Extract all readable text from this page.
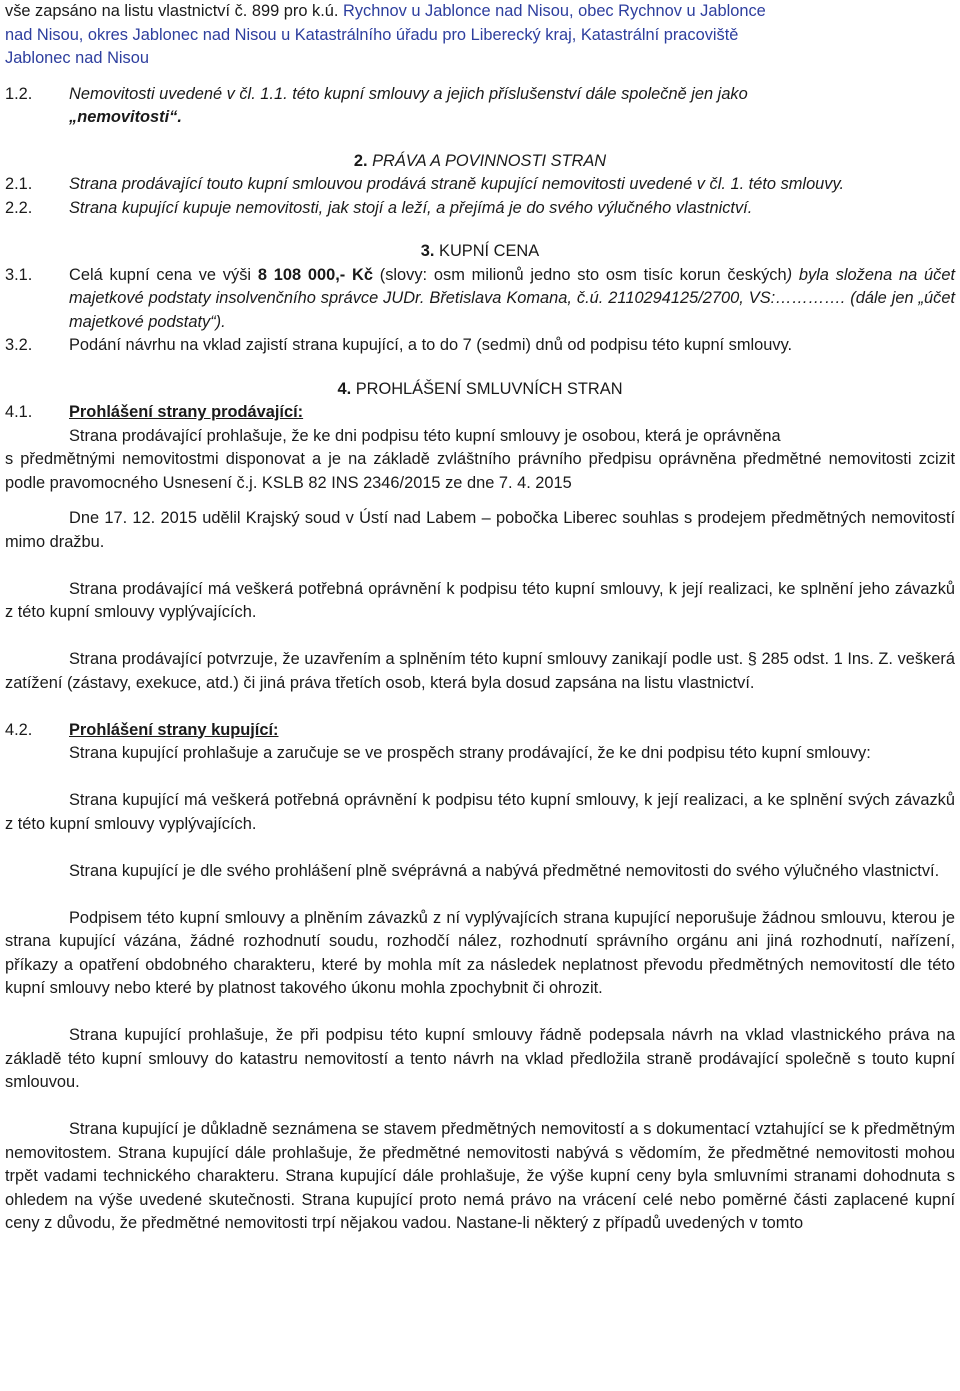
vše zapsáno na listu vlastnictví č. 899 pro k.ú. Rychnov u Jablonce nad Nisou, obec Rychnov u Jablonce
nad Nisou, okres Jablonec nad Nisou u Katastrálního úřadu pro Liberecký kraj, Katastrální pracoviště
Jablonec nad Nisou

1.2.	Nemovitosti uvedené v čl. 1.1. této kupní smlouvy a jejich příslušenství dále společně jen jako
„nemovitosti“.

2. PRÁVA A POVINNOSTI STRAN

2.1.	Strana prodávající touto kupní smlouvou prodává straně kupující nemovitosti uvedené v čl. 1. této smlouvy.
2.2.	Strana kupující kupuje nemovitosti, jak stojí a leží, a přejímá je do svého výlučného vlastnictví.

3. KUPNÍ CENA

3.1.	Celá kupní cena ve výši 8 108 000,- Kč (slovy: osm milionů jedno sto osm tisíc korun českých) byla složena na účet majetkové podstaty insolvenčního správce JUDr. Břetislava Komana, č.ú. 2110294125/2700, VS:…………. (dále jen „účet majetkové podstaty“).
3.2.	Podání návrhu na vklad zajistí strana kupující, a to do 7 (sedmi) dnů od podpisu této kupní smlouvy.

4. PROHLÁŠENÍ SMLUVNÍCH STRAN

4.1.	Prohlášení strany prodávající:

Strana prodávající prohlašuje, že ke dni podpisu této kupní smlouvy je osobou, která je oprávněna
s předmětnými nemovitostmi disponovat a je na základě zvláštního právního předpisu oprávněna předmětné nemovitosti zcizit podle pravomocného Usnesení č.j. KSLB 82 INS 2346/2015 ze dne 7. 4. 2015

Dne 17. 12. 2015 udělil Krajský soud v Ústí nad Labem – pobočka Liberec souhlas s prodejem předmětných nemovitostí mimo dražbu.

Strana prodávající má veškerá potřebná oprávnění k podpisu této kupní smlouvy, k její realizaci, ke splnění jeho závazků z této kupní smlouvy vyplývajících.

Strana prodávající potvrzuje, že uzavřením a splněním této kupní smlouvy zanikají podle ust. § 285 odst. 1 Ins. Z. veškerá zatížení (zástavy, exekuce, atd.) či jiná práva třetích osob, která byla dosud zapsána na listu vlastnictví.

4.2.	Prohlášení strany kupující:

Strana kupující prohlašuje a zaručuje se ve prospěch strany prodávající, že ke dni podpisu této kupní smlouvy:

Strana kupující má veškerá potřebná oprávnění k podpisu této kupní smlouvy, k její realizaci, a ke splnění svých závazků z této kupní smlouvy vyplývajících.

Strana kupující je dle svého prohlášení plně svéprávná a nabývá předmětné nemovitosti do svého výlučného vlastnictví.

Podpisem této kupní smlouvy a plněním závazků z ní vyplývajících strana kupující neporušuje žádnou smlouvu, kterou je strana kupující vázána, žádné rozhodnutí soudu, rozhodčí nález, rozhodnutí správního orgánu ani jiná rozhodnutí, nařízení, příkazy a opatření obdobného charakteru, které by mohla mít za následek neplatnost převodu předmětných nemovitostí dle této kupní smlouvy nebo které by platnost takového úkonu mohla zpochybnit či ohrozit.

Strana kupující prohlašuje, že při podpisu této kupní smlouvy řádně podepsala návrh na vklad vlastnického práva na základě této kupní smlouvy do katastru nemovitostí a tento návrh na vklad předložila straně prodávající společně s touto kupní smlouvou.

Strana kupující je důkladně seznámena se stavem předmětných nemovitostí a s dokumentací vztahující se k předmětným nemovitostem. Strana kupující dále prohlašuje, že předmětné nemovitosti nabývá s vědomím, že předmětné nemovitosti mohou trpět vadami technického charakteru. Strana kupující dále prohlašuje, že výše kupní ceny byla smluvními stranami dohodnuta s ohledem na výše uvedené skutečnosti. Strana kupující proto nemá právo na vrácení celé nebo poměrné části zaplacené kupní ceny z důvodu, že předmětné nemovitosti trpí nějakou vadou. Nastane-li některý z případů uvedených v tomto
